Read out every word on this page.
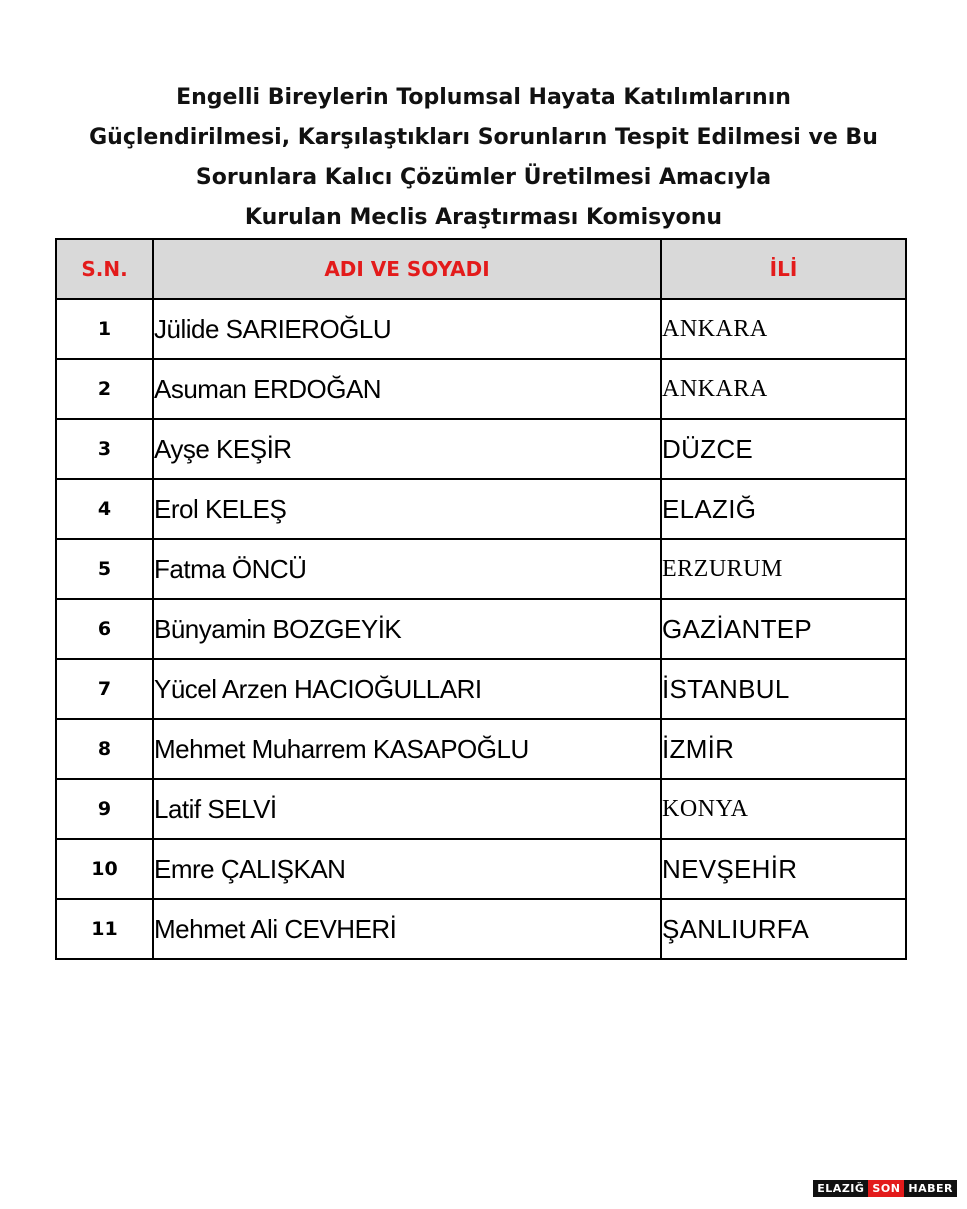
Engelli Bireylerin Toplumsal Hayata Katılımlarının
Güçlendirilmesi, Karşılaştıkları Sorunların Tespit Edilmesi ve Bu
Sorunlara Kalıcı Çözümler Üretilmesi Amacıyla
Kurulan Meclis Araştırması Komisyonu
S.N.	ADI VE SOYADI	İLİ
1	Jülide SARIEROĞLU	ANKARA
2	Asuman ERDOĞAN	ANKARA
3	Ayşe KEŞİR	DÜZCE
4	Erol KELEŞ	ELAZIĞ
5	Fatma ÖNCÜ	ERZURUM
6	Bünyamin BOZGEYİK	GAZİANTEP
7	Yücel Arzen HACIOĞULLARI	İSTANBUL
8	Mehmet Muharrem KASAPOĞLU	İZMİR
9	Latif SELVİ	KONYA
10	Emre ÇALIŞKAN	NEVŞEHİR
11	Mehmet Ali CEVHERİ	ŞANLIURFA
ELAZIĞ SON HABER
